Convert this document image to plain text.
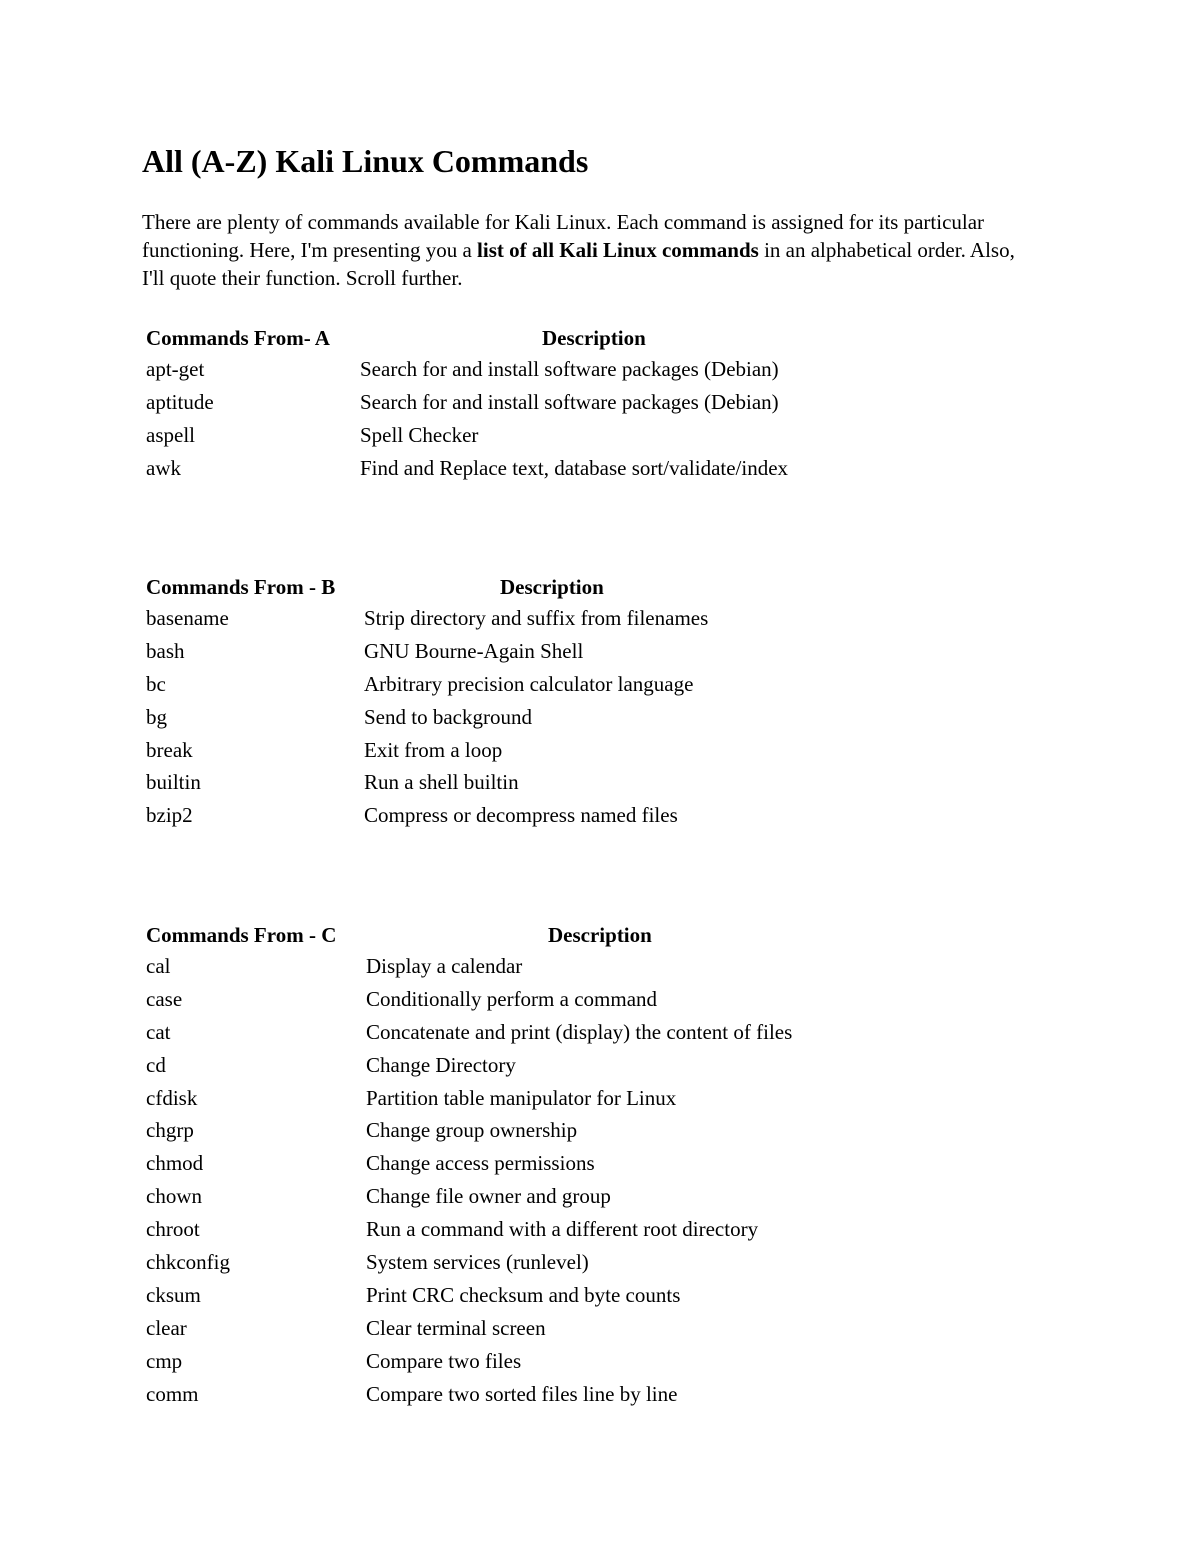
All (A-Z) Kali Linux Commands

There are plenty of commands available for Kali Linux. Each command is assigned for its particular functioning. Here, I'm presenting you a list of all Kali Linux commands in an alphabetical order. Also, I'll quote their function. Scroll further.

Commands From- A	Description
apt-get	Search for and install software packages (Debian)
aptitude	Search for and install software packages (Debian)
aspell	Spell Checker
awk	Find and Replace text, database sort/validate/index
Commands From - B	Description
basename	Strip directory and suffix from filenames
bash	GNU Bourne-Again Shell
bc	Arbitrary precision calculator language
bg	Send to background
break	Exit from a loop
builtin	Run a shell builtin
bzip2	Compress or decompress named files
Commands From - C	Description
cal	Display a calendar
case	Conditionally perform a command
cat	Concatenate and print (display) the content of files
cd	Change Directory
cfdisk	Partition table manipulator for Linux
chgrp	Change group ownership
chmod	Change access permissions
chown	Change file owner and group
chroot	Run a command with a different root directory
chkconfig	System services (runlevel)
cksum	Print CRC checksum and byte counts
clear	Clear terminal screen
cmp	Compare two files
comm	Compare two sorted files line by line
